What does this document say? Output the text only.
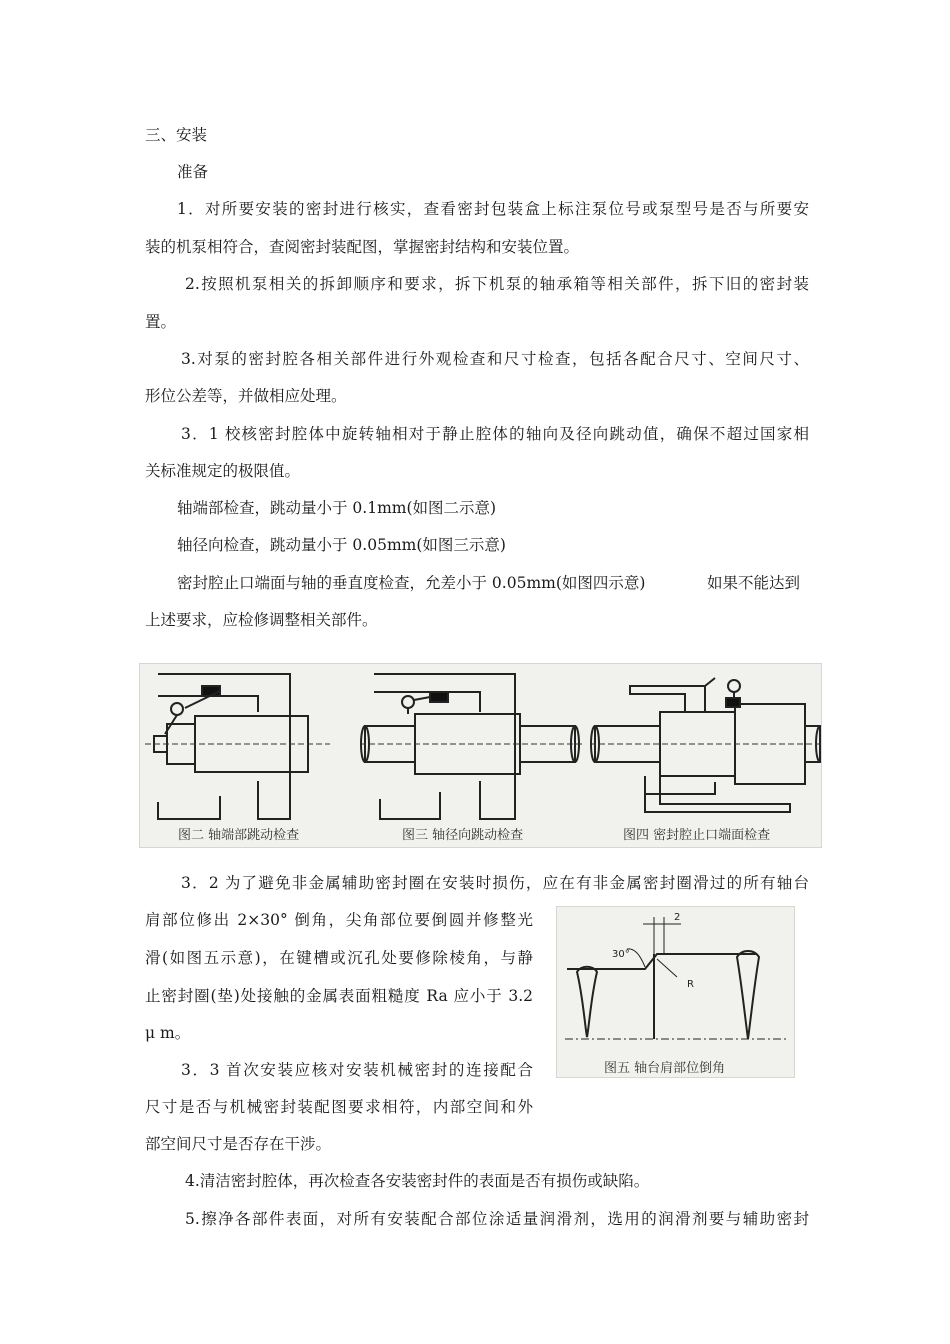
三、安装
准备
1．对所要安装的密封进行核实，查看密封包装盒上标注泵位号或泵型号是否与所要安
装的机泵相符合，查阅密封装配图，掌握密封结构和安装位置。
2.按照机泵相关的拆卸顺序和要求，拆下机泵的轴承箱等相关部件，拆下旧的密封装
置。
3.对泵的密封腔各相关部件进行外观检查和尺寸检查，包括各配合尺寸、空间尺寸、
形位公差等，并做相应处理。
3．1 校核密封腔体中旋转轴相对于静止腔体的轴向及径向跳动值，确保不超过国家相
关标准规定的极限值。
轴端部检查，跳动量小于 0.1mm(如图二示意)
轴径向检查，跳动量小于 0.05mm(如图三示意)
密封腔止口端面与轴的垂直度检查，允差小于 0.05mm(如图四示意)	如果不能达到
上述要求，应检修调整相关部件。
图二 轴端部跳动检查	图三 轴径向跳动检查	图四 密封腔止口端面检查
3．2 为了避免非金属辅助密封圈在安装时损伤，应在有非金属密封圈滑过的所有轴台
肩部位修出 2×30° 倒角，尖角部位要倒圆并修整光
滑(如图五示意)，在键槽或沉孔处要修除棱角，与静
止密封圈(垫)处接触的金属表面粗糙度 Ra 应小于 3.2
μ m。
2
30°
R
图五 轴台肩部位倒角
3．3 首次安装应核对安装机械密封的连接配合
尺寸是否与机械密封装配图要求相符，内部空间和外
部空间尺寸是否存在干涉。
4.清洁密封腔体，再次检查各安装密封件的表面是否有损伤或缺陷。
5.擦净各部件表面，对所有安装配合部位涂适量润滑剂，选用的润滑剂要与辅助密封
